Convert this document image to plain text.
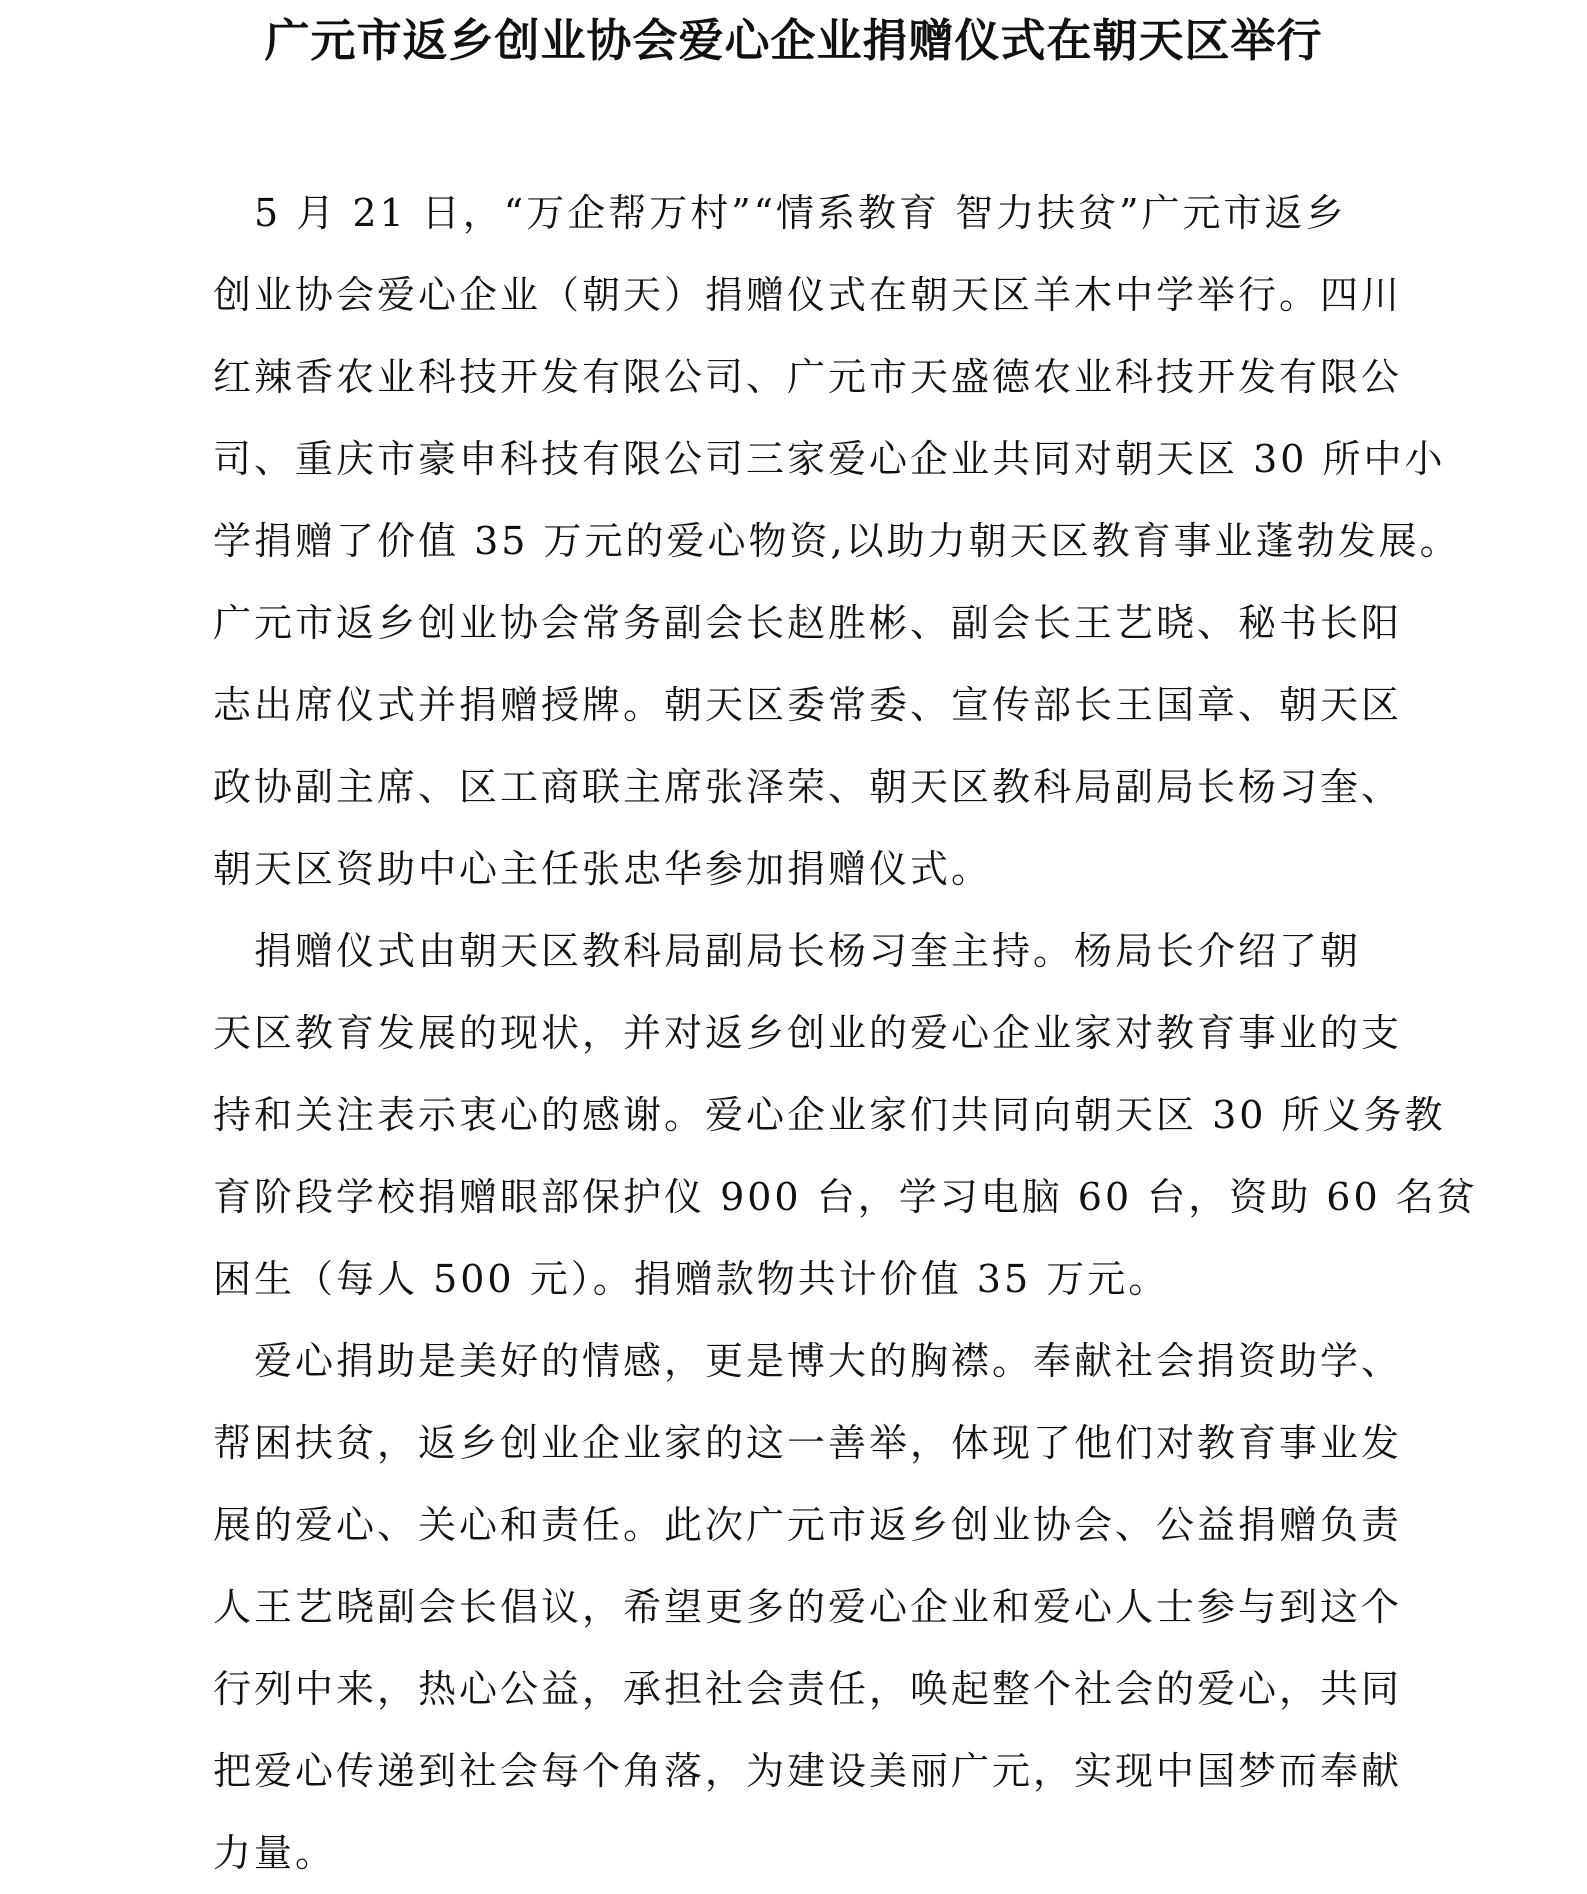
广元市返乡创业协会爱心企业捐赠仪式在朝天区举行
　5 月 21 日，“万企帮万村”“情系教育 智力扶贫”广元市返乡
创业协会爱心企业（朝天）捐赠仪式在朝天区羊木中学举行。四川
红辣香农业科技开发有限公司、广元市天盛德农业科技开发有限公
司、重庆市豪申科技有限公司三家爱心企业共同对朝天区 30 所中小
学捐赠了价值 35 万元的爱心物资,以助力朝天区教育事业蓬勃发展。
广元市返乡创业协会常务副会长赵胜彬、副会长王艺晓、秘书长阳
志出席仪式并捐赠授牌。朝天区委常委、宣传部长王国章、朝天区
政协副主席、区工商联主席张泽荣、朝天区教科局副局长杨习奎、
朝天区资助中心主任张忠华参加捐赠仪式。
　捐赠仪式由朝天区教科局副局长杨习奎主持。杨局长介绍了朝
天区教育发展的现状，并对返乡创业的爱心企业家对教育事业的支
持和关注表示衷心的感谢。爱心企业家们共同向朝天区 30 所义务教
育阶段学校捐赠眼部保护仪 900 台，学习电脑 60 台，资助 60 名贫
困生（每人 500 元）。捐赠款物共计价值 35 万元。
　爱心捐助是美好的情感，更是博大的胸襟。奉献社会捐资助学、
帮困扶贫，返乡创业企业家的这一善举，体现了他们对教育事业发
展的爱心、关心和责任。此次广元市返乡创业协会、公益捐赠负责
人王艺晓副会长倡议，希望更多的爱心企业和爱心人士参与到这个
行列中来，热心公益，承担社会责任，唤起整个社会的爱心，共同
把爱心传递到社会每个角落，为建设美丽广元，实现中国梦而奉献
力量。
